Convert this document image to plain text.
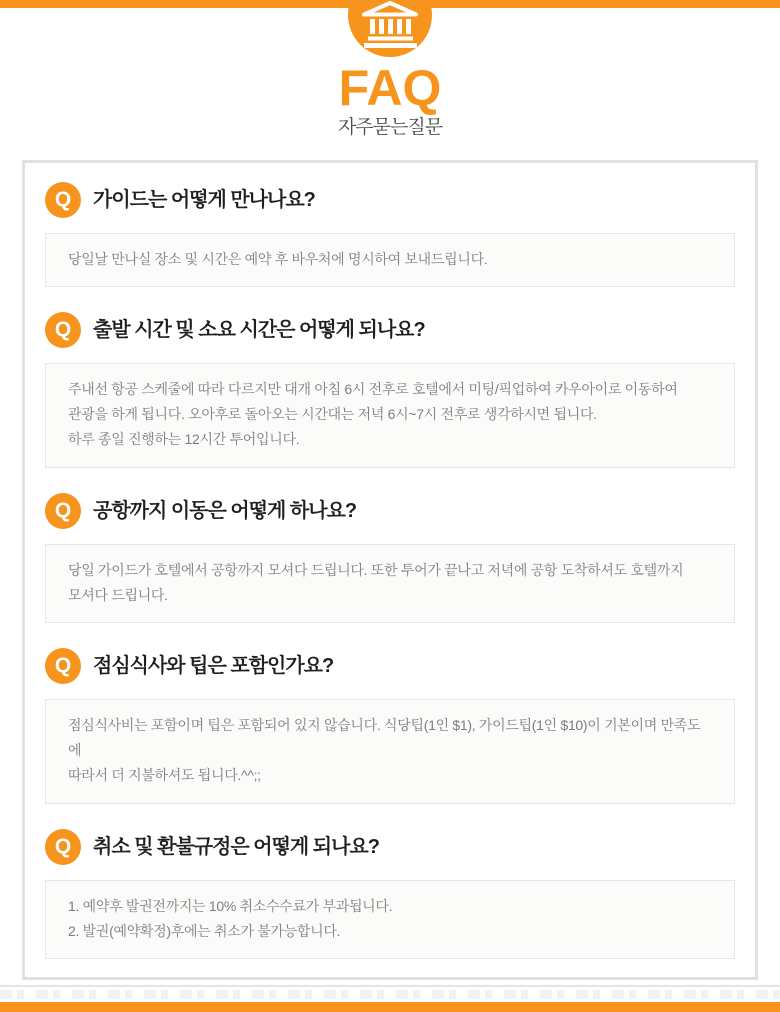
FAQ
자주묻는질문
Q 가이드는 어떻게 만나나요?
당일날 만나실 장소 및 시간은 예약 후 바우처에 명시하여 보내드립니다.
Q 출발 시간 및 소요 시간은 어떻게 되나요?
주내선 항공 스케줄에 따라 다르지만 대개 아침 6시 전후로 호텔에서 미팅/픽업하여 카우아이로 이동하여
관광을 하게 됩니다. 오아후로 돌아오는 시간대는 저녁 6시~7시 전후로 생각하시면 됩니다.
하루 종일 진행하는 12시간 투어입니다.
Q 공항까지 이동은 어떻게 하나요?
당일 가이드가 호텔에서 공항까지 모셔다 드립니다. 또한 투어가 끝나고 저녁에 공항 도착하셔도 호텔까지
모셔다 드립니다.
Q 점심식사와 팁은 포함인가요?
점심식사비는 포함이며 팁은 포함되어 있지 않습니다. 식당팁(1인 $1), 가이드팁(1인 $10)이 기본이며 만족도에
따라서 더 지불하셔도 됩니다.^^;;
Q 취소 및 환불규정은 어떻게 되나요?
1. 예약후 발권전까지는 10% 취소수수료가 부과됩니다.
2. 발권(예약확정)후에는 취소가 불가능합니다.
